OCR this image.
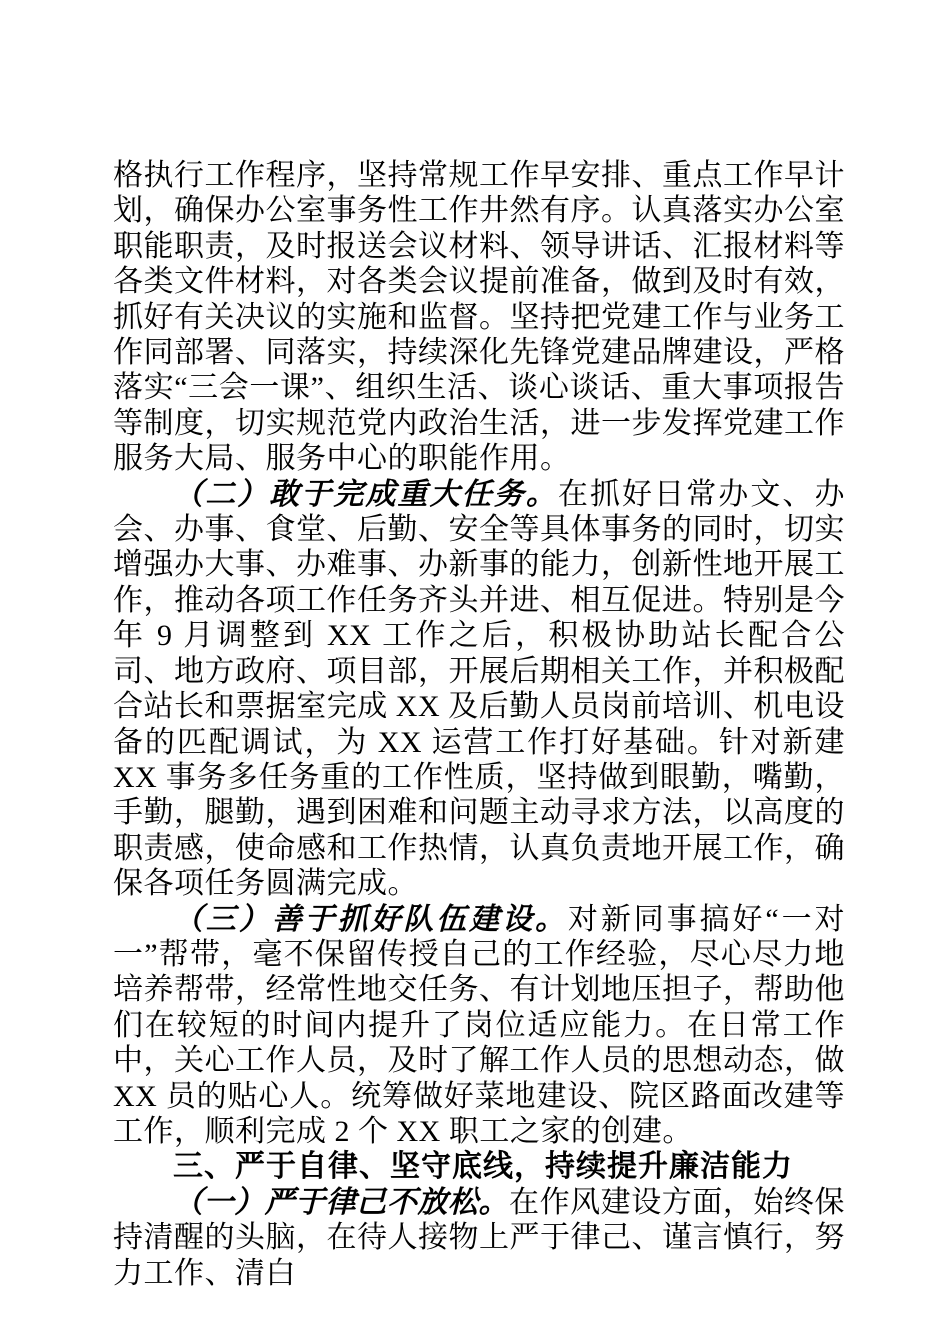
格执行工作程序，坚持常规工作早安排、重点工作早计划，确保办公室事务性工作井然有序。认真落实办公室职能职责，及时报送会议材料、领导讲话、汇报材料等各类文件材料，对各类会议提前准备，做到及时有效，抓好有关决议的实施和监督。坚持把党建工作与业务工作同部署、同落实，持续深化先锋党建品牌建设，严格落实“三会一课”、组织生活、谈心谈话、重大事项报告等制度，切实规范党内政治生活，进一步发挥党建工作服务大局、服务中心的职能作用。

（二）敢于完成重大任务。在抓好日常办文、办会、办事、食堂、后勤、安全等具体事务的同时，切实增强办大事、办难事、办新事的能力，创新性地开展工作，推动各项工作任务齐头并进、相互促进。特别是今年 9 月调整到 XX 工作之后，积极协助站长配合公司、地方政府、项目部，开展后期相关工作，并积极配合站长和票据室完成 XX 及后勤人员岗前培训、机电设备的匹配调试，为 XX 运营工作打好基础。针对新建 XX 事务多任务重的工作性质，坚持做到眼勤，嘴勤，手勤，腿勤，遇到困难和问题主动寻求方法，以高度的职责感，使命感和工作热情，认真负责地开展工作，确保各项任务圆满完成。

（三）善于抓好队伍建设。对新同事搞好“一对一”帮带，毫不保留传授自己的工作经验，尽心尽力地培养帮带，经常性地交任务、有计划地压担子，帮助他们在较短的时间内提升了岗位适应能力。在日常工作中，关心工作人员，及时了解工作人员的思想动态，做 XX 员的贴心人。统筹做好菜地建设、院区路面改建等工作，顺利完成 2 个 XX 职工之家的创建。

三、严于自律、坚守底线，持续提升廉洁能力

（一）严于律己不放松。在作风建设方面，始终保持清醒的头脑，在待人接物上严于律己、谨言慎行，努力工作、清白
